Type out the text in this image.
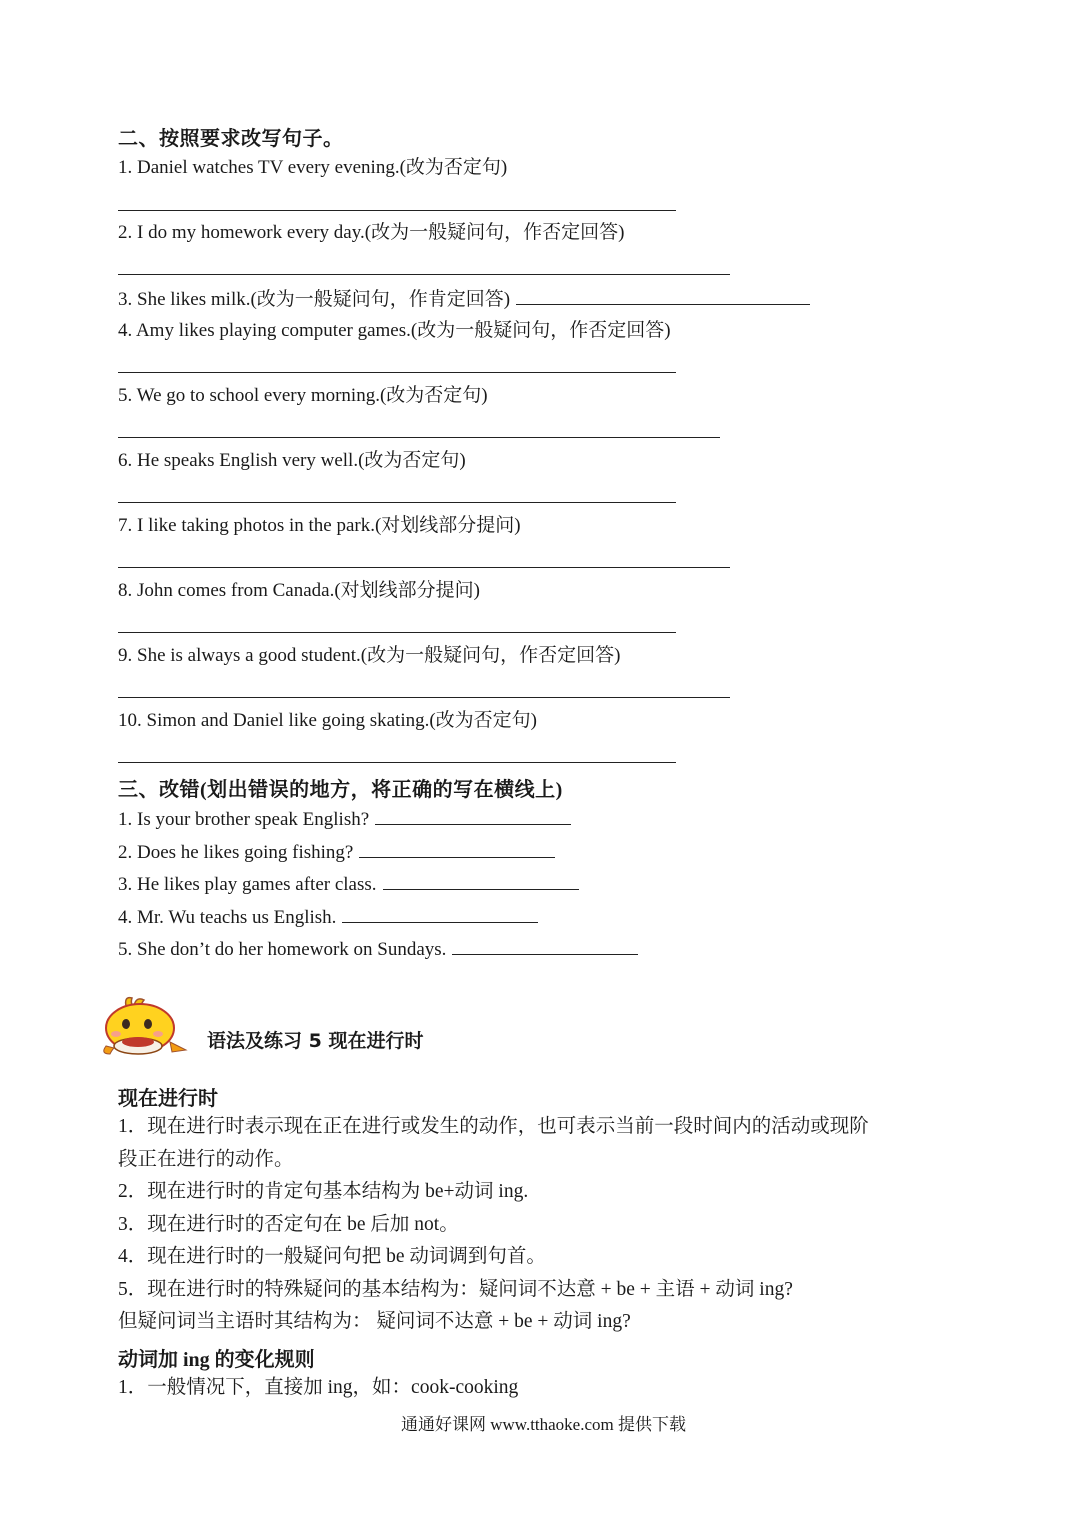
二、按照要求改写句子。
1. Daniel watches TV every evening.(改为否定句)
2. I do my homework every day.(改为一般疑问句，作否定回答)
3. She likes milk.(改为一般疑问句，作肯定回答)
4. Amy likes playing computer games.(改为一般疑问句，作否定回答)
5. We go to school every morning.(改为否定句)
6. He speaks English very well.(改为否定句)
7. I like taking photos in the park.(对划线部分提问)
8. John comes from Canada.(对划线部分提问)
9. She is always a good student.(改为一般疑问句，作否定回答)
10. Simon and Daniel like going skating.(改为否定句)
三、改错(划出错误的地方，将正确的写在横线上)
1. Is your brother speak English?
2. Does he likes going fishing?
3. He likes play games after class.
4. Mr. Wu teachs us English.
5. She don’t do her homework on Sundays.
语法及练习 5 现在进行时
现在进行时
1．现在进行时表示现在正在进行或发生的动作，也可表示当前一段时间内的活动或现阶
段正在进行的动作。
2．现在进行时的肯定句基本结构为 be+动词 ing.
3．现在进行时的否定句在 be 后加 not。
4．现在进行时的一般疑问句把 be 动词调到句首。
5．现在进行时的特殊疑问的基本结构为：疑问词不达意 + be + 主语 + 动词 ing?
但疑问词当主语时其结构为： 疑问词不达意 + be + 动词 ing?
动词加 ing 的变化规则
1．一般情况下，直接加 ing，如：cook-cooking
通通好课网 www.tthaoke.com 提供下载
